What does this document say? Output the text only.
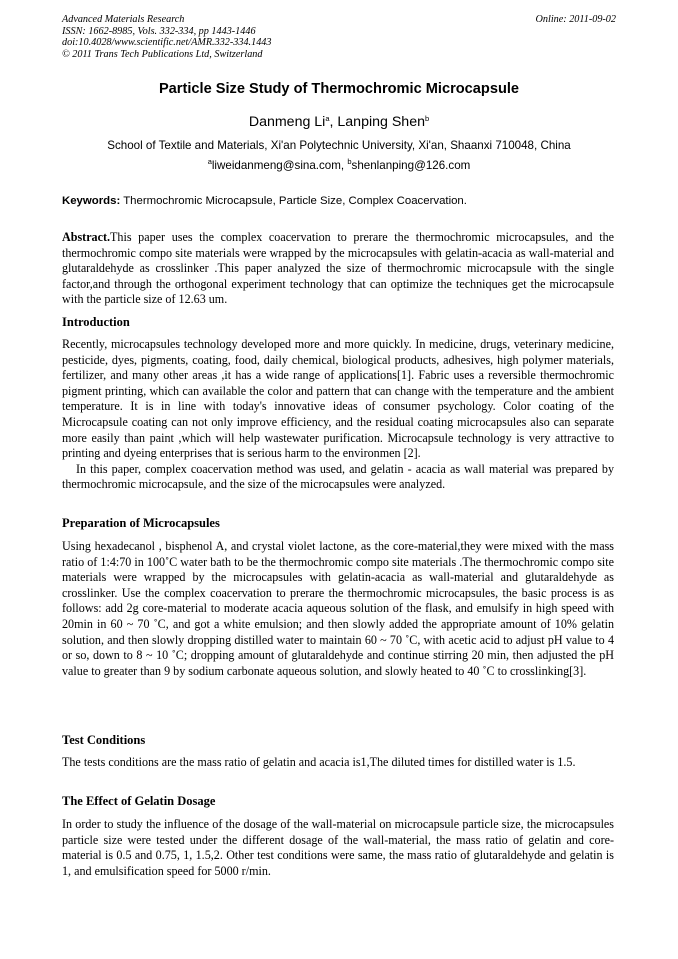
Advanced Materials Research
ISSN: 1662-8985, Vols. 332-334, pp 1443-1446
doi:10.4028/www.scientific.net/AMR.332-334.1443
© 2011 Trans Tech Publications Ltd, Switzerland
Online: 2011-09-02
Particle Size Study of Thermochromic Microcapsule
Danmeng Li$^a$, Lanping Shen$^b$
School of Textile and Materials, Xi'an Polytechnic University, Xi'an, Shaanxi 710048, China
$^a$liweidanmeng@sina.com, $^b$shenlanping@126.com
Keywords: Thermochromic Microcapsule, Particle Size, Complex Coacervation.

Abstract.This paper uses the complex coacervation to prerare the thermochromic microcapsules, and the thermochromic compo site materials were wrapped by the microcapsules with gelatin-acacia as wall-material and glutaraldehyde as crosslinker .This paper analyzed the size of thermochromic microcapsule with the single factor,and through the orthogonal experiment technology that can optimize the techniques get the microcapsule with the particle size of 12.63 um.

Introduction

Recently, microcapsules technology developed more and more quickly. In medicine, drugs, veterinary medicine, pesticide, dyes, pigments, coating, food, daily chemical, biological products, adhesives, high polymer materials, fertilizer, and many other areas ,it has a wide range of applications[1]. Fabric uses a reversible thermochromic pigment printing, which can available the color and pattern that can change with the temperature and the ambient temperature. It is in line with today's innovative ideas of consumer psychology. Color coating of the Microcapsule coating can not only improve efficiency, and the residual coating microcapsules also can separate more easily than paint ,which will help wastewater purification. Microcapsule technology is very attractive to printing and dyeing enterprises that is serious harm to the environmen [2].

In this paper, complex coacervation method was used, and gelatin - acacia as wall material was prepared by thermochromic microcapsule, and the size of the microcapsules were analyzed.

Preparation of Microcapsules

Using hexadecanol , bisphenol A, and crystal violet lactone, as the core-material,they were mixed with the mass ratio of 1:4:70 in 100˚C water bath to be the thermochromic compo site materials .The thermochromic compo site materials were wrapped by the microcapsules with gelatin-acacia as wall-material and glutaraldehyde as crosslinker. Use the complex coacervation to prerare the thermochromic microcapsules, the basic process is as follows: add 2g core-material to moderate acacia aqueous solution of the flask, and emulsify in high speed with 20min in 60 ~ 70 ˚C, and got a white emulsion; and then slowly added the appropriate amount of 10% gelatin solution, and then slowly dropping distilled water to maintain 60 ~ 70 ˚C, with acetic acid to adjust pH value to 4 or so, down to 8 ~ 10 ˚C; dropping amount of glutaraldehyde and continue stirring 20 min, then adjusted the pH value to greater than 9 by sodium carbonate aqueous solution, and slowly heated to 40 ˚C to crosslinking[3].

Test Conditions

The tests conditions are the mass ratio of gelatin and acacia is1,The diluted times for distilled water is 1.5.

The Effect of Gelatin Dosage

In order to study the influence of the dosage of the wall-material on microcapsule particle size, the microcapsules particle size were tested under the different dosage of the wall-material, the mass ratio of gelatin and core-material is 0.5 and 0.75, 1, 1.5,2. Other test conditions were same, the mass ratio of glutaraldehyde and gelatin is 1, and emulsification speed for 5000 r/min.
